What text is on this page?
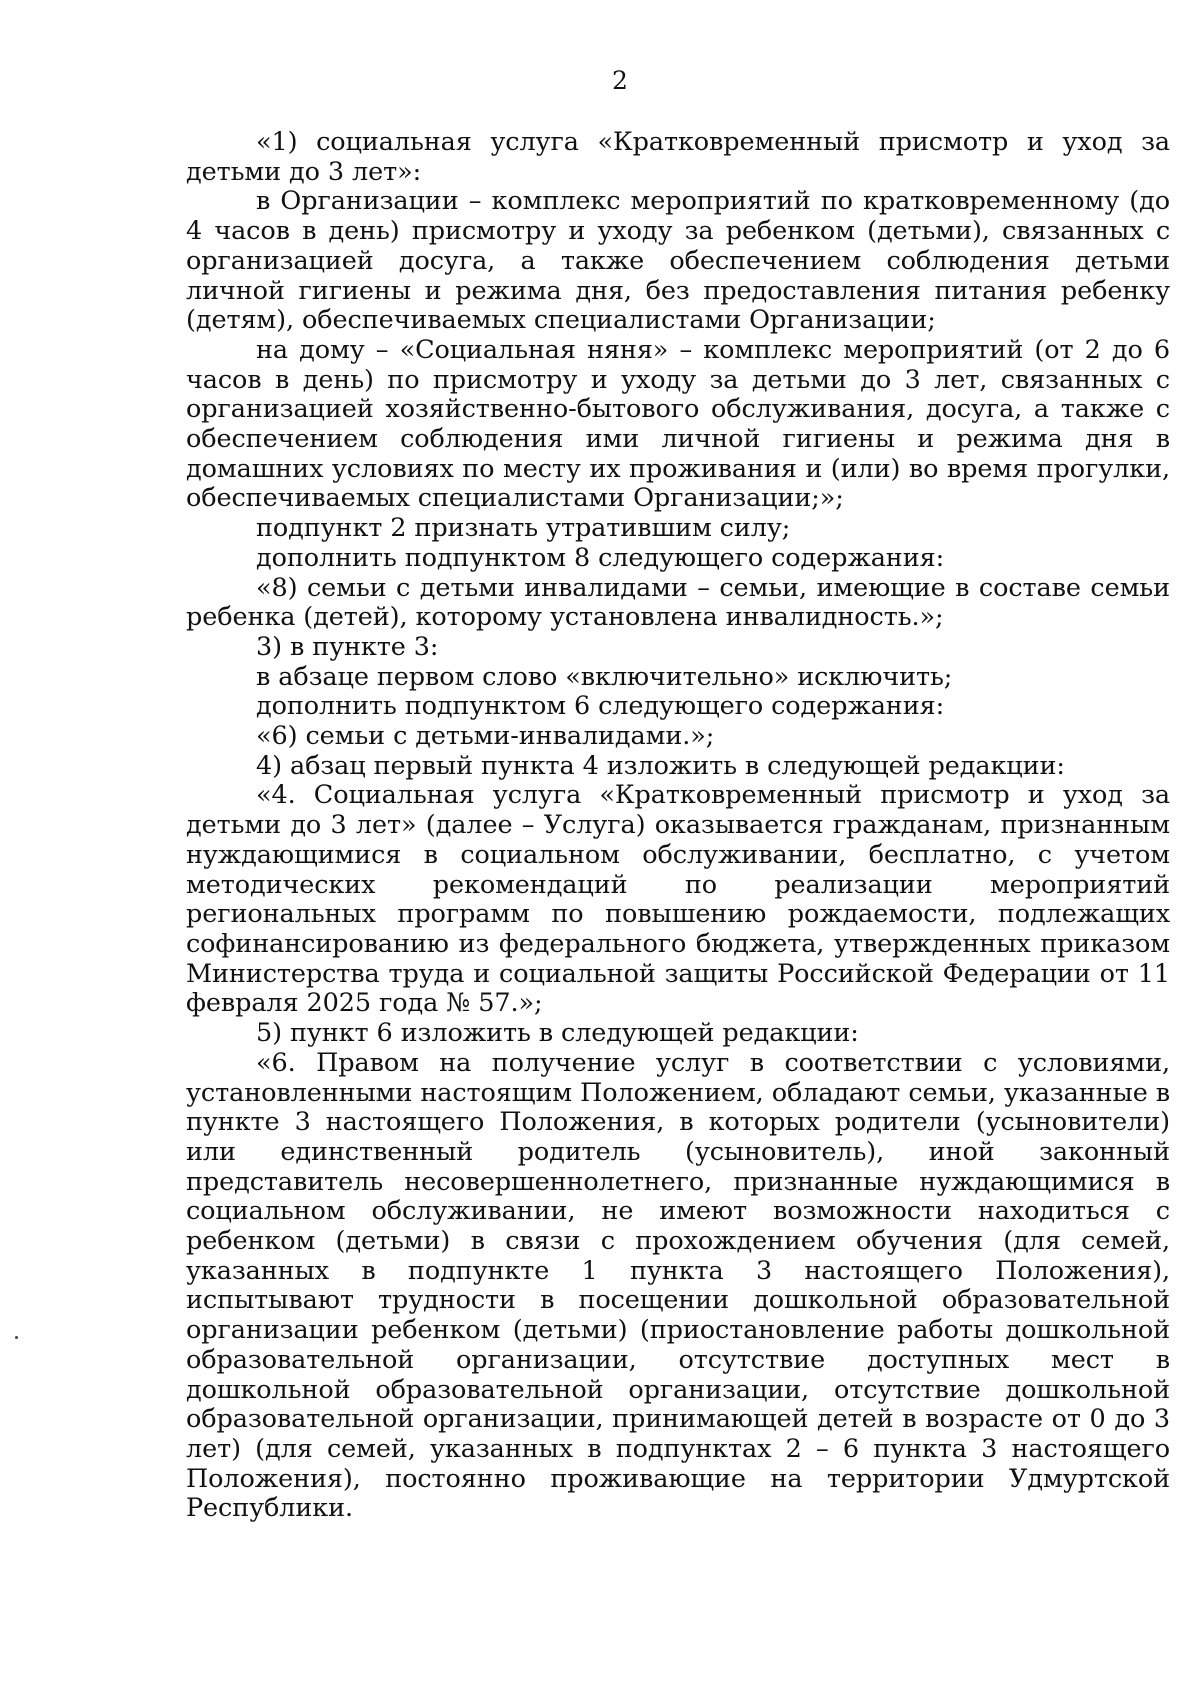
2

«1) социальная услуга «Кратковременный присмотр и уход за детьми до 3 лет»:

в Организации – комплекс мероприятий по кратковременному (до 4 часов в день) присмотру и уходу за ребенком (детьми), связанных с организацией досуга, а также обеспечением соблюдения детьми личной гигиены и режима дня, без предоставления питания ребенку (детям), обеспечиваемых специалистами Организации;

на дому – «Социальная няня» – комплекс мероприятий (от 2 до 6 часов в день) по присмотру и уходу за детьми до 3 лет, связанных с организацией хозяйственно-бытового обслуживания, досуга, а также с обеспечением соблюдения ими личной гигиены и режима дня в домашних условиях по месту их проживания и (или) во время прогулки, обеспечиваемых специалистами Организации;»;

подпункт 2 признать утратившим силу;

дополнить подпунктом 8 следующего содержания:

«8) семьи с детьми инвалидами – семьи, имеющие в составе семьи ребенка (детей), которому установлена инвалидность.»;

3) в пункте 3:

в абзаце первом слово «включительно» исключить;

дополнить подпунктом 6 следующего содержания:

«6) семьи с детьми-инвалидами.»;

4) абзац первый пункта 4 изложить в следующей редакции:

«4. Социальная услуга «Кратковременный присмотр и уход за детьми до 3 лет» (далее – Услуга) оказывается гражданам, признанным нуждающимися в социальном обслуживании, бесплатно, с учетом методических рекомендаций по реализации мероприятий региональных программ по повышению рождаемости, подлежащих софинансированию из федерального бюджета, утвержденных приказом Министерства труда и социальной защиты Российской Федерации от 11 февраля 2025 года № 57.»;

5) пункт 6 изложить в следующей редакции:

«6. Правом на получение услуг в соответствии с условиями, установленными настоящим Положением, обладают семьи, указанные в пункте 3 настоящего Положения, в которых родители (усыновители) или единственный родитель (усыновитель), иной законный представитель несовершеннолетнего, признанные нуждающимися в социальном обслуживании, не имеют возможности находиться с ребенком (детьми) в связи с прохождением обучения (для семей, указанных в подпункте 1 пункта 3 настоящего Положения), испытывают трудности в посещении дошкольной образовательной организации ребенком (детьми) (приостановление работы дошкольной образовательной организации, отсутствие доступных мест в дошкольной образовательной организации, отсутствие дошкольной образовательной организации, принимающей детей в возрасте от 0 до 3 лет) (для семей, указанных в подпунктах 2 – 6 пункта 3 настоящего Положения), постоянно проживающие на территории Удмуртской Республики.
